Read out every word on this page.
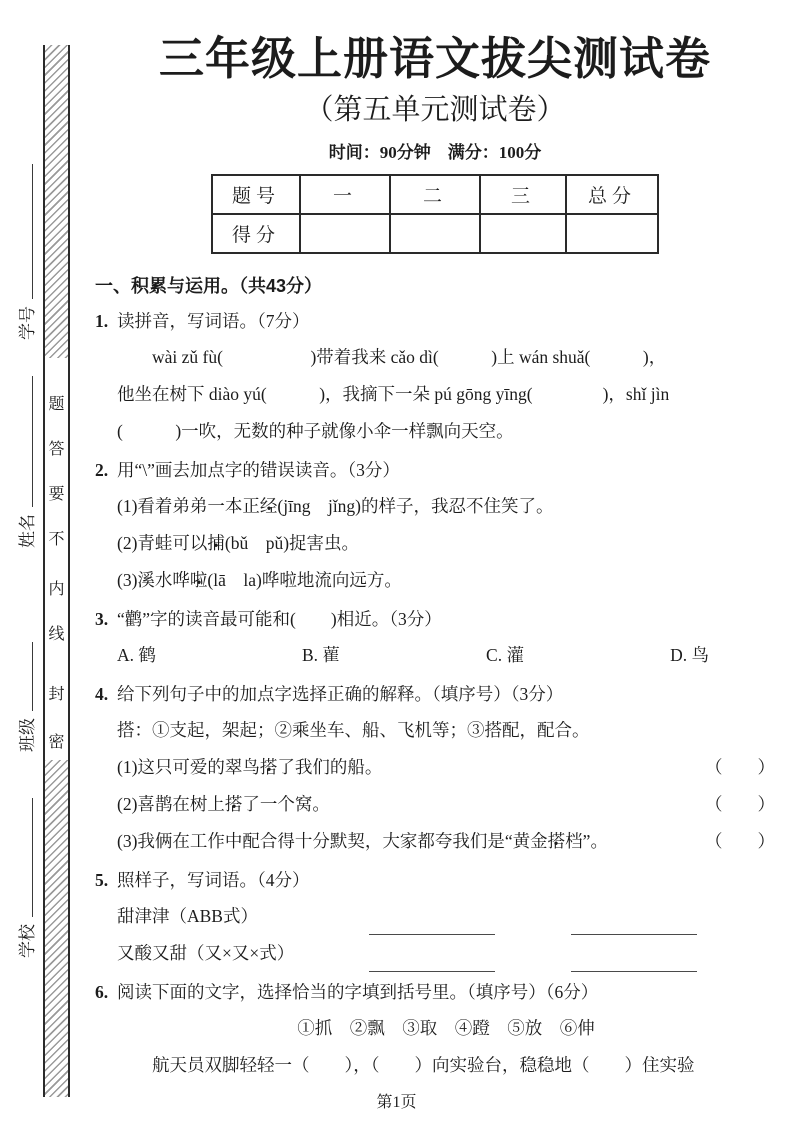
题
答
要
不
内
线
封
密
学号
姓名
班级
学校
三年级上册语文拔尖测试卷
（第五单元测试卷）
时间：90分钟　满分：100分
题号	一	二	三	总分
得分				
一、积累与运用。（共43分）
1. 读拼音，写词语。（7分）
wài zǔ fù(　　　　　)带着我来 cǎo dì(　　　)上 wán shuǎ(　　　)，
他坐在树下 diào yú(　　　)，我摘下一朵 pú gōng yīng(　　　　)，shǐ jìn
(　　　)一吹，无数的种子就像小伞一样飘向天空。
2. 用“\”画去加点字的错误读音。（3分）
(1)看着弟弟一本正经 •(jīng　jǐng)的样子，我忍不住笑了。
(2)青蛙可以捕 •(bǔ　pǔ)捉害虫。
(3)溪水哗啦 •(lā　la)哗啦地流向远方。
3. “鹳”字的读音最可能和(　　)相近。（3分）
A. 鹤	B. 雚	C. 灌	D. 鸟
4. 给下列句子中的加点字选择正确的解释。（填序号）（3分）
搭：①支起，架起；②乘坐车、船、飞机等；③搭配，配合。
(1)这只可爱的翠鸟搭 •了我们的船。	（　　）
(2)喜鹊在树上搭 •了一个窝。	（　　）
(3)我俩在工作中配合得十分默契，大家都夸我们是“黄金搭 •档”。	（　　）
5. 照样子，写词语。（4分）
甜津津（ABB式）
又酸又甜（又×又×式）
6. 阅读下面的文字，选择恰当的字填到括号里。（填序号）（6分）
①抓　②飘　③取　④蹬　⑤放　⑥伸
航天员双脚轻轻一（　　），（　　）向实验台，稳稳地（　　）住实验
第1页
